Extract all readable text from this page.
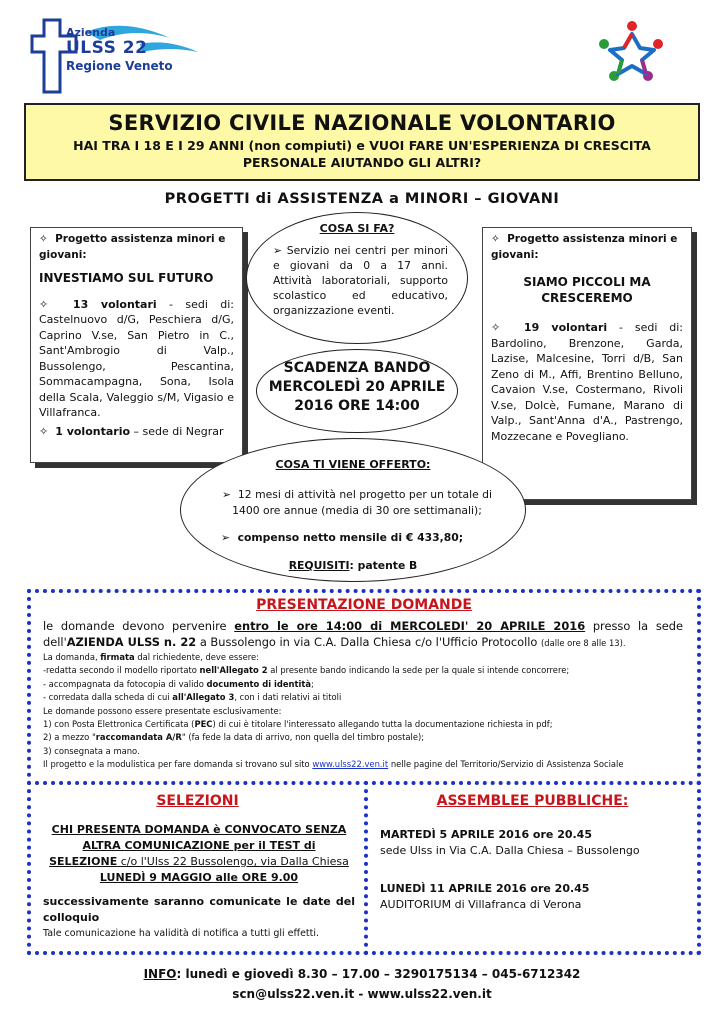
Azienda
ULSS 22
Regione Veneto
SERVIZIO CIVILE NAZIONALE VOLONTARIO
HAI TRA I 18 E I 29 ANNI (non compiuti) e VUOI FARE UN'ESPERIENZA DI CRESCITA PERSONALE AIUTANDO GLI ALTRI?
PROGETTI di ASSISTENZA a MINORI – GIOVANI
✧  Progetto assistenza minori e giovani:
INVESTIAMO SUL FUTURO
✧  13 volontari - sedi di: Castelnuovo d/G, Peschiera d/G, Caprino V.se, San Pietro in C., Sant'Ambrogio di Valp., Bussolengo, Pescantina, Sommacampagna, Sona, Isola della Scala, Valeggio s/M, Vigasio e Villafranca.
✧  1 volontario – sede di Negrar
✧  Progetto assistenza minori e giovani:
SIAMO PICCOLI MA CRESCEREMO
✧  19 volontari - sedi di: Bardolino, Brenzone, Garda, Lazise, Malcesine, Torri d/B, San Zeno di M., Affi, Brentino Belluno, Cavaion V.se, Costermano, Rivoli V.se, Dolcè, Fumane, Marano di Valp., Sant'Anna d'A., Pastrengo, Mozzecane e Povegliano.
COSA SI FA?
➢ Servizio nei centri per minori e giovani da 0 a 17 anni. Attività laboratoriali, supporto scolastico ed educativo, organizzazione eventi.
SCADENZA BANDO
MERCOLEDÌ 20 APRILE
2016 ORE 14:00
COSA TI VIENE OFFERTO:
➢  12 mesi di attività nel progetto per un totale di 1400 ore annue (media di 30 ore settimanali);
➢  compenso netto mensile di € 433,80;
REQUISITI: patente B
PRESENTAZIONE DOMANDE
le domande devono pervenire entro le ore 14:00 di MERCOLEDI' 20 APRILE 2016 presso la sede dell'AZIENDA ULSS n. 22 a Bussolengo in via C.A. Dalla Chiesa c/o l'Ufficio Protocollo (dalle ore 8 alle 13).
La domanda, firmata dal richiedente, deve essere:
-redatta secondo il modello riportato nell'Allegato 2 al presente bando indicando la sede per la quale si intende concorrere;
- accompagnata da fotocopia di valido documento di identità;
- corredata dalla scheda di cui all'Allegato 3, con i dati relativi ai titoli
Le domande possono essere presentate esclusivamente:
1) con Posta Elettronica Certificata (PEC) di cui è titolare l'interessato allegando tutta la documentazione richiesta in pdf;
2) a mezzo "raccomandata A/R" (fa fede la data di arrivo, non quella del timbro postale);
3) consegnata a mano.
Il progetto e la modulistica per fare domanda si trovano sul sito www.ulss22.ven.it nelle pagine del Territorio/Servizio di Assistenza Sociale
SELEZIONI
CHI PRESENTA DOMANDA è CONVOCATO SENZA
ALTRA COMUNICAZIONE per il TEST di
SELEZIONE c/o l'Ulss 22 Bussolengo, via Dalla Chiesa
LUNEDÌ 9 MAGGIO alle ORE 9.00
successivamente saranno comunicate le date del colloquio
Tale comunicazione ha validità di notifica a tutti gli effetti.
ASSEMBLEE PUBBLICHE:
MARTEDÌ 5 APRILE 2016 ore 20.45
sede Ulss in Via C.A. Dalla Chiesa – Bussolengo
LUNEDÌ 11 APRILE 2016 ore 20.45
AUDITORIUM di Villafranca di Verona
INFO: lunedì e giovedì 8.30 – 17.00 – 3290175134 – 045-6712342
scn@ulss22.ven.it - www.ulss22.ven.it
